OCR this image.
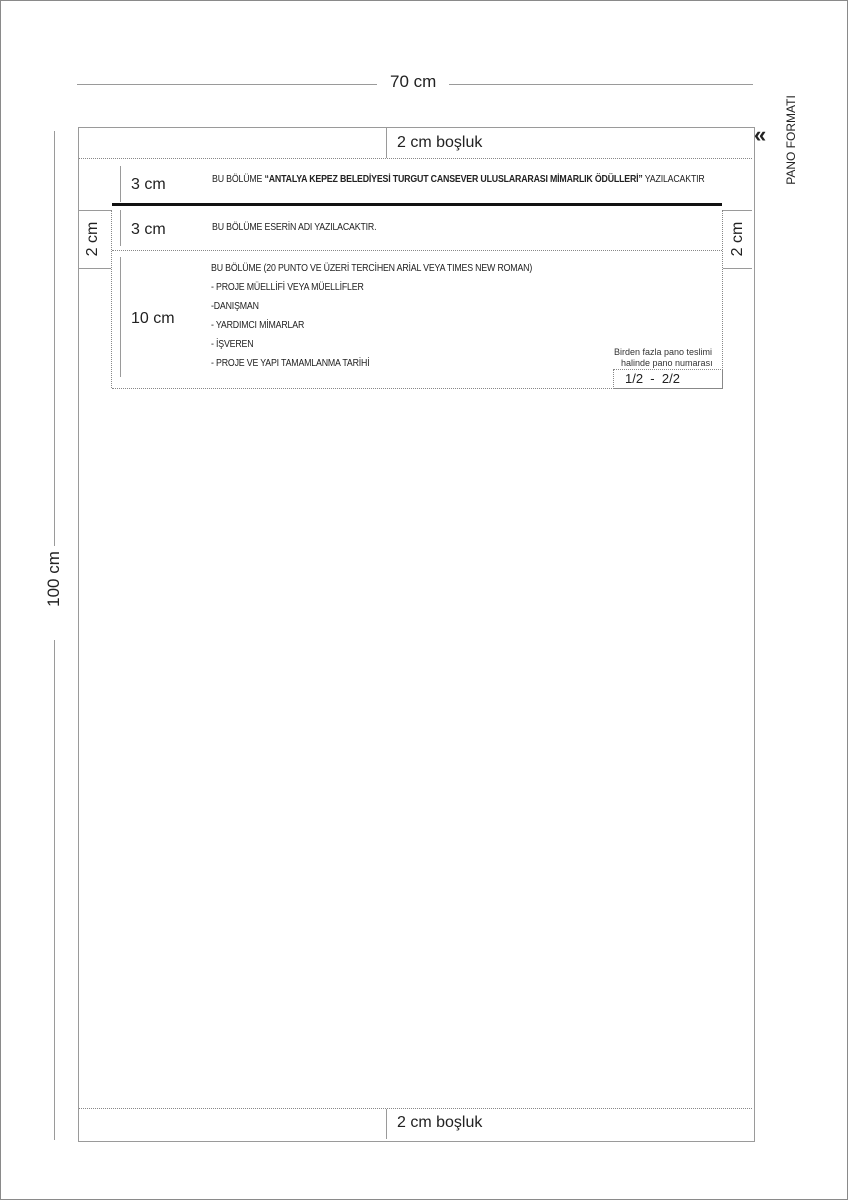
70 cm
100 cm
« PANO FORMATI
2 cm boşluk
2 cm	2 cm
3 cm	BU BÖLÜME “ANTALYA KEPEZ BELEDİYESİ TURGUT CANSEVER ULUSLARARASI MİMARLIK ÖDÜLLERİ” YAZILACAKTIR
3 cm	BU BÖLÜME ESERİN ADI YAZILACAKTIR.
10 cm
BU BÖLÜME (20 PUNTO VE ÜZERİ TERCİHEN ARİAL VEYA TIMES NEW ROMAN)
- PROJE MÜELLİFİ VEYA MÜELLİFLER
-DANIŞMAN
- YARDIMCI MİMARLAR
- İŞVEREN
- PROJE VE YAPI TAMAMLANMA TARİHİ
Birden fazla pano teslimi
halinde pano numarası
1/2  -  2/2
2 cm boşluk
